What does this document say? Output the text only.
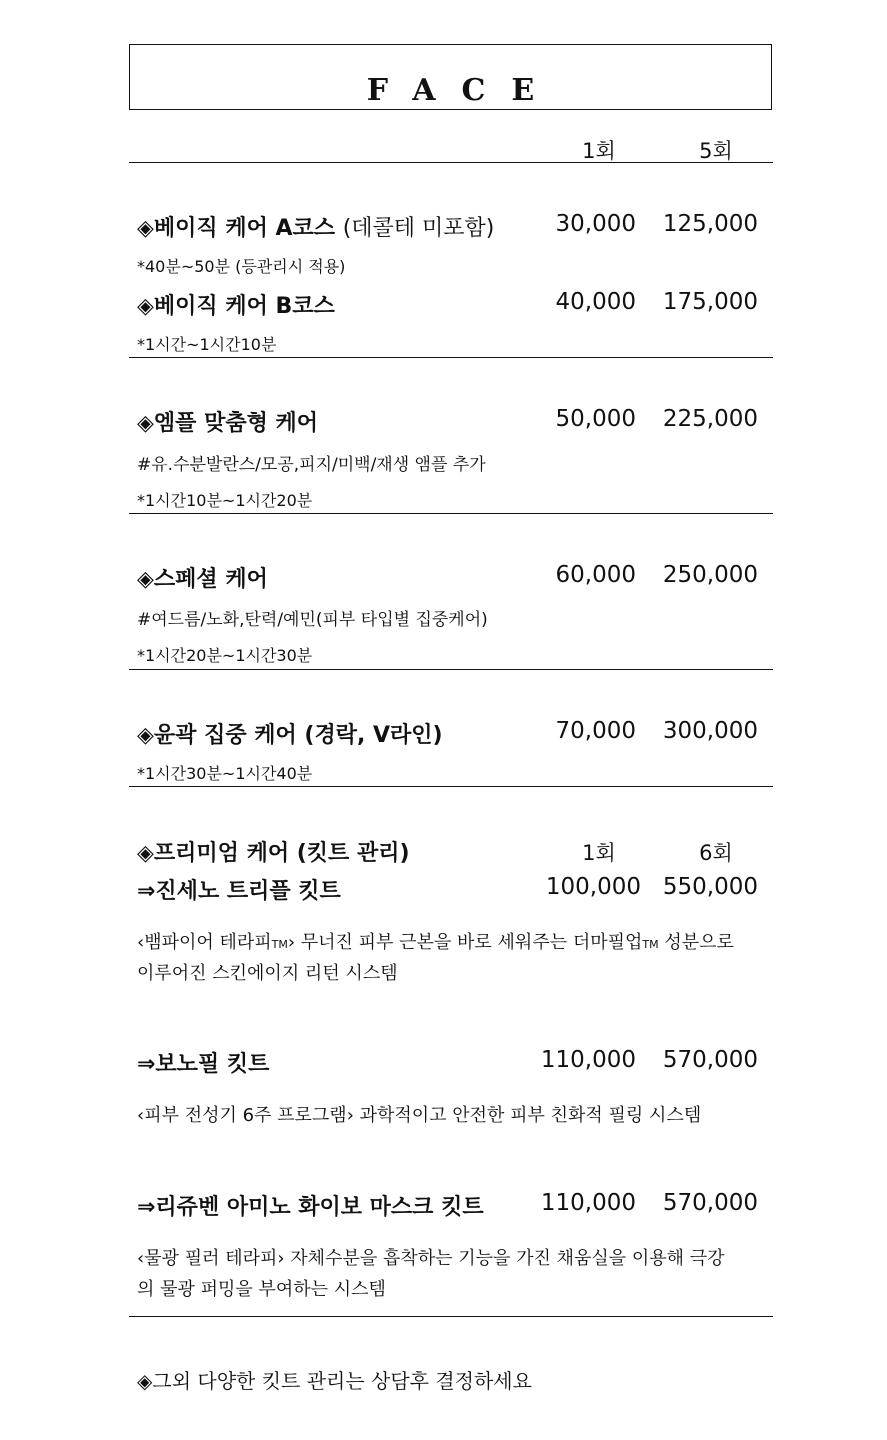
FACE
1회	5회
◈베이직 케어 A코스 (데콜테 미포함)	30,000 125,000
*40분~50분 (등관리시 적용)
◈베이직 케어 B코스	40,000 175,000
*1시간~1시간10분
◈엠플 맞춤형 케어	50,000 225,000
#유.수분발란스/모공,피지/미백/재생 앰플 추가
*1시간10분~1시간20분
◈스페셜 케어	60,000 250,000
#여드름/노화,탄력/예민(피부 타입별 집중케어)
*1시간20분~1시간30분
◈윤곽 집중 케어 (경락, V라인)	70,000 300,000
*1시간30분~1시간40분
◈프리미엄 케어 (킷트 관리)	1회	6회
⇒진세노 트리플 킷트	100,000 550,000
‹뱀파이어 테라피TM› 무너진 피부 근본을 바로 세워주는 더마필업TM 성분으로
이루어진 스킨에이지 리턴 시스템
⇒보노필 킷트	110,000 570,000
‹피부 전성기 6주 프로그램› 과학적이고 안전한 피부 친화적 필링 시스템
⇒리쥬벤 아미노 화이보 마스크 킷트 110,000 570,000
‹물광 필러 테라피› 자체수분을 흡착하는 기능을 가진 채움실을 이용해 극강
의 물광 퍼밍을 부여하는 시스템
◈그외 다양한 킷트 관리는 상담후 결정하세요
